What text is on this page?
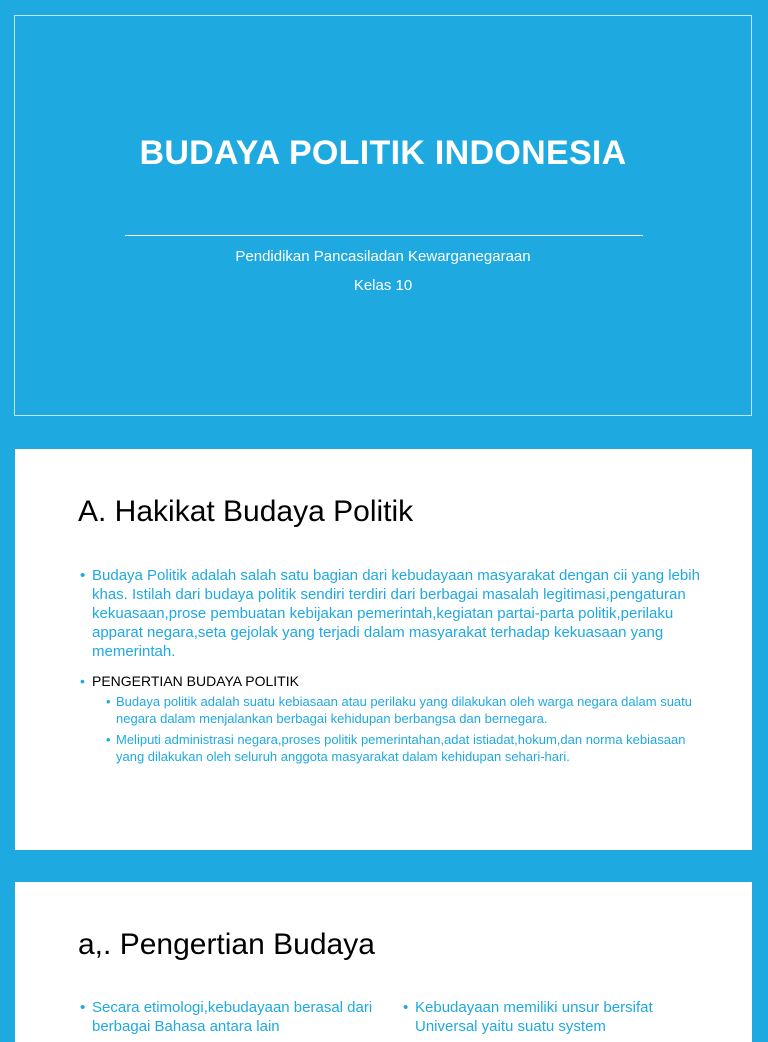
BUDAYA POLITIK INDONESIA
Pendidikan Pancasiladan Kewarganegaraan
Kelas 10
A. Hakikat Budaya Politik
• Budaya Politik adalah salah satu bagian dari kebudayaan masyarakat dengan cii yang lebih khas. Istilah dari budaya politik sendiri terdiri dari berbagai masalah legitimasi,pengaturan kekuasaan,prose pembuatan kebijakan pemerintah,kegiatan partai-parta politik,perilaku apparat negara,seta gejolak yang terjadi dalam masyarakat terhadap kekuasaan yang memerintah.
• PENGERTIAN BUDAYA POLITIK
• Budaya politik adalah suatu kebiasaan atau perilaku yang dilakukan oleh warga negara dalam suatu negara dalam menjalankan berbagai kehidupan berbangsa dan bernegara.
• Meliputi administrasi negara,proses politik pemerintahan,adat istiadat,hokum,dan norma kebiasaan yang dilakukan oleh seluruh anggota masyarakat dalam kehidupan sehari-hari.
a,. Pengertian Budaya
• Secara etimologi,kebudayaan berasal dari berbagai Bahasa antara lain
• Kebudayaan memiliki unsur bersifat Universal yaitu suatu system
